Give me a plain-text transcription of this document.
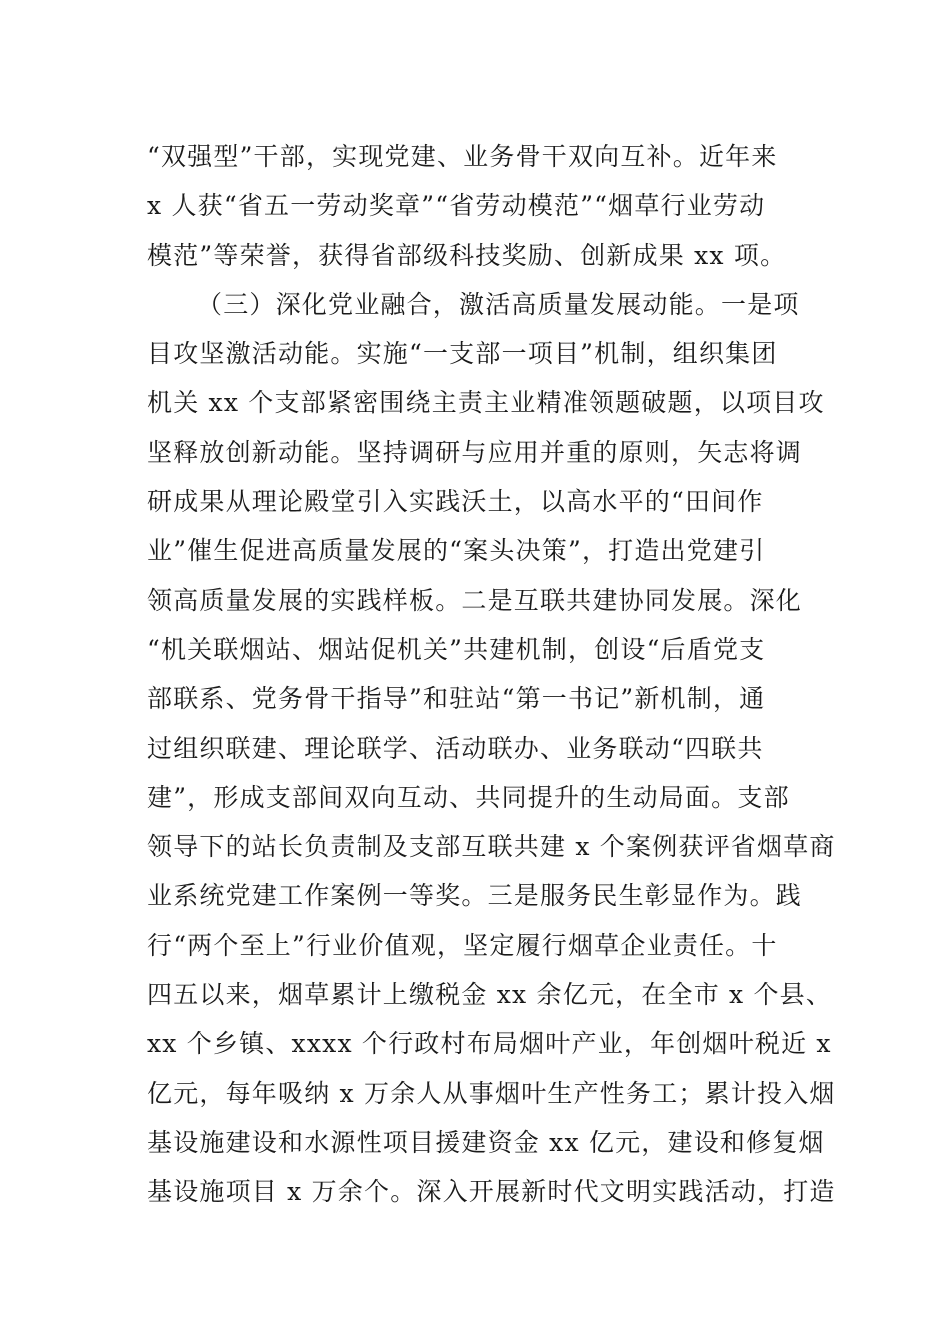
“双强型”干部，实现党建、业务骨干双向互补。近年来
x 人获“省五一劳动奖章”“省劳动模范”“烟草行业劳动
模范”等荣誉，获得省部级科技奖励、创新成果 xx 项。
（三）深化党业融合，激活高质量发展动能。一是项
目攻坚激活动能。实施“一支部一项目”机制，组织集团
机关 xx 个支部紧密围绕主责主业精准领题破题，以项目攻
坚释放创新动能。坚持调研与应用并重的原则，矢志将调
研成果从理论殿堂引入实践沃土，以高水平的“田间作
业”催生促进高质量发展的“案头决策”，打造出党建引
领高质量发展的实践样板。二是互联共建协同发展。深化
“机关联烟站、烟站促机关”共建机制，创设“后盾党支
部联系、党务骨干指导”和驻站“第一书记”新机制，通
过组织联建、理论联学、活动联办、业务联动“四联共
建”，形成支部间双向互动、共同提升的生动局面。支部
领导下的站长负责制及支部互联共建 x 个案例获评省烟草商
业系统党建工作案例一等奖。三是服务民生彰显作为。践
行“两个至上”行业价值观，坚定履行烟草企业责任。十
四五以来，烟草累计上缴税金 xx 余亿元，在全市 x 个县、
xx 个乡镇、xxxx 个行政村布局烟叶产业，年创烟叶税近 x
亿元，每年吸纳 x 万余人从事烟叶生产性务工；累计投入烟
基设施建设和水源性项目援建资金 xx 亿元，建设和修复烟
基设施项目 x 万余个。深入开展新时代文明实践活动，打造
